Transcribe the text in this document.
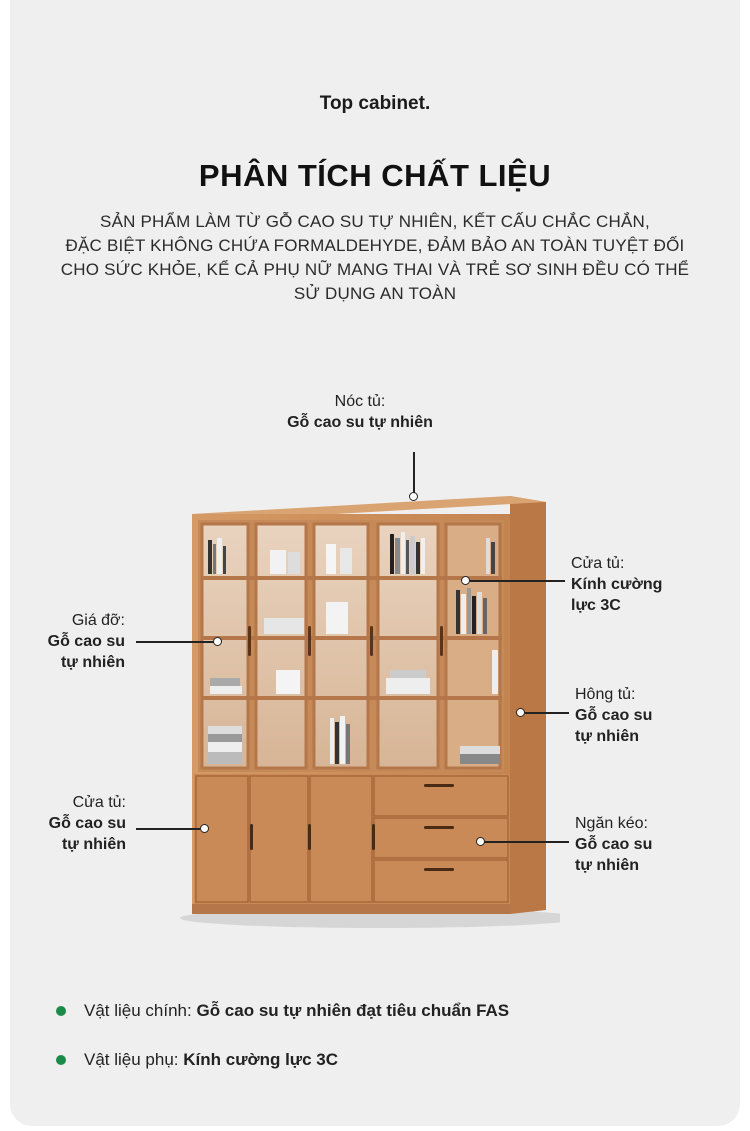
Top cabinet.
PHÂN TÍCH CHẤT LIỆU
SẢN PHẨM LÀM TỪ GỖ CAO SU TỰ NHIÊN, KẾT CẤU CHẮC CHẮN,
ĐẶC BIỆT KHÔNG CHỨA FORMALDEHYDE, ĐẢM BẢO AN TOÀN TUYỆT ĐỐI
CHO SỨC KHỎE, KỂ CẢ PHỤ NỮ MANG THAI VÀ TRẺ SƠ SINH ĐỀU CÓ THỂ
SỬ DỤNG AN TOÀN
Nóc tủ:
Gỗ cao su tự nhiên
Cửa tủ:
Kính cường
lực 3C
Giá đỡ:
Gỗ cao su
tự nhiên
Hông tủ:
Gỗ cao su
tự nhiên
Cửa tủ:
Gỗ cao su
tự nhiên
Ngăn kéo:
Gỗ cao su
tự nhiên
Vật liệu chính: Gỗ cao su tự nhiên đạt tiêu chuẩn FAS
Vật liệu phụ: Kính cường lực 3C
